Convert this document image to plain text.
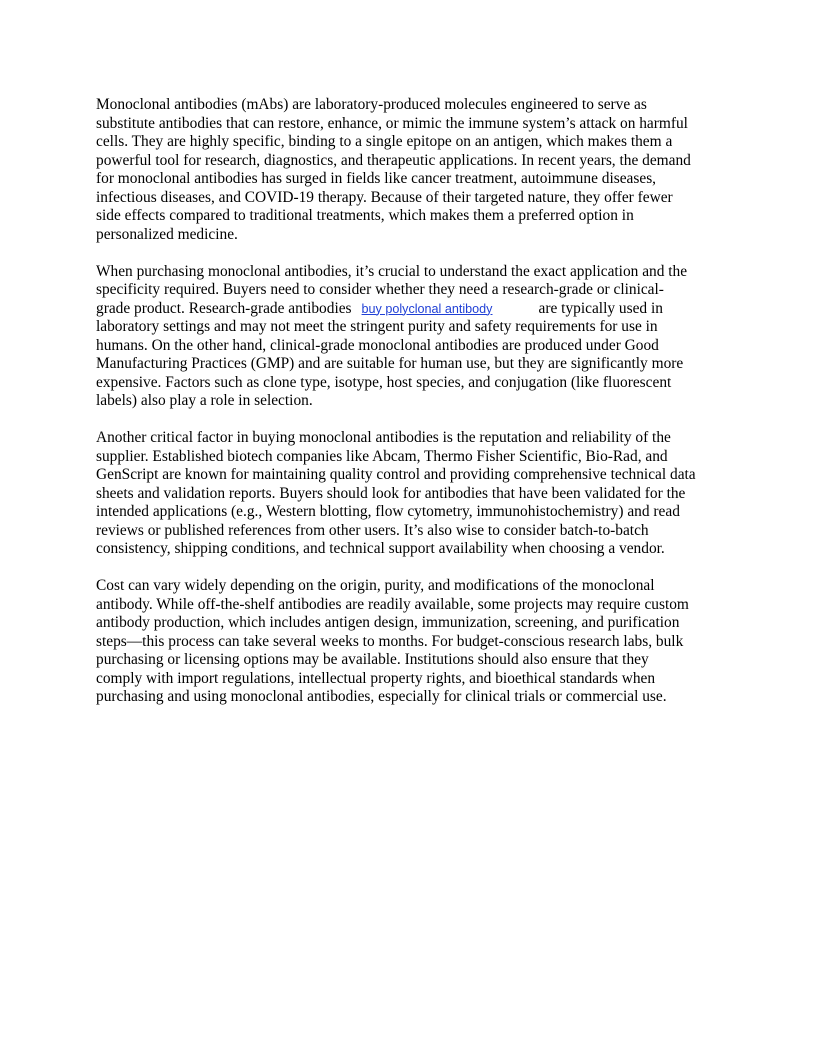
Monoclonal antibodies (mAbs) are laboratory-produced molecules engineered to serve as
substitute antibodies that can restore, enhance, or mimic the immune system’s attack on harmful
cells. They are highly specific, binding to a single epitope on an antigen, which makes them a
powerful tool for research, diagnostics, and therapeutic applications. In recent years, the demand
for monoclonal antibodies has surged in fields like cancer treatment, autoimmune diseases,
infectious diseases, and COVID-19 therapy. Because of their targeted nature, they offer fewer
side effects compared to traditional treatments, which makes them a preferred option in
personalized medicine.

When purchasing monoclonal antibodies, it’s crucial to understand the exact application and the
specificity required. Buyers need to consider whether they need a research-grade or clinical-
grade product. Research-grade antibodies buy polyclonal antibody	are typically used in
laboratory settings and may not meet the stringent purity and safety requirements for use in
humans. On the other hand, clinical-grade monoclonal antibodies are produced under Good
Manufacturing Practices (GMP) and are suitable for human use, but they are significantly more
expensive. Factors such as clone type, isotype, host species, and conjugation (like fluorescent
labels) also play a role in selection.

Another critical factor in buying monoclonal antibodies is the reputation and reliability of the
supplier. Established biotech companies like Abcam, Thermo Fisher Scientific, Bio-Rad, and
GenScript are known for maintaining quality control and providing comprehensive technical data
sheets and validation reports. Buyers should look for antibodies that have been validated for the
intended applications (e.g., Western blotting, flow cytometry, immunohistochemistry) and read
reviews or published references from other users. It’s also wise to consider batch-to-batch
consistency, shipping conditions, and technical support availability when choosing a vendor.

Cost can vary widely depending on the origin, purity, and modifications of the monoclonal
antibody. While off-the-shelf antibodies are readily available, some projects may require custom
antibody production, which includes antigen design, immunization, screening, and purification
steps—this process can take several weeks to months. For budget-conscious research labs, bulk
purchasing or licensing options may be available. Institutions should also ensure that they
comply with import regulations, intellectual property rights, and bioethical standards when
purchasing and using monoclonal antibodies, especially for clinical trials or commercial use.
